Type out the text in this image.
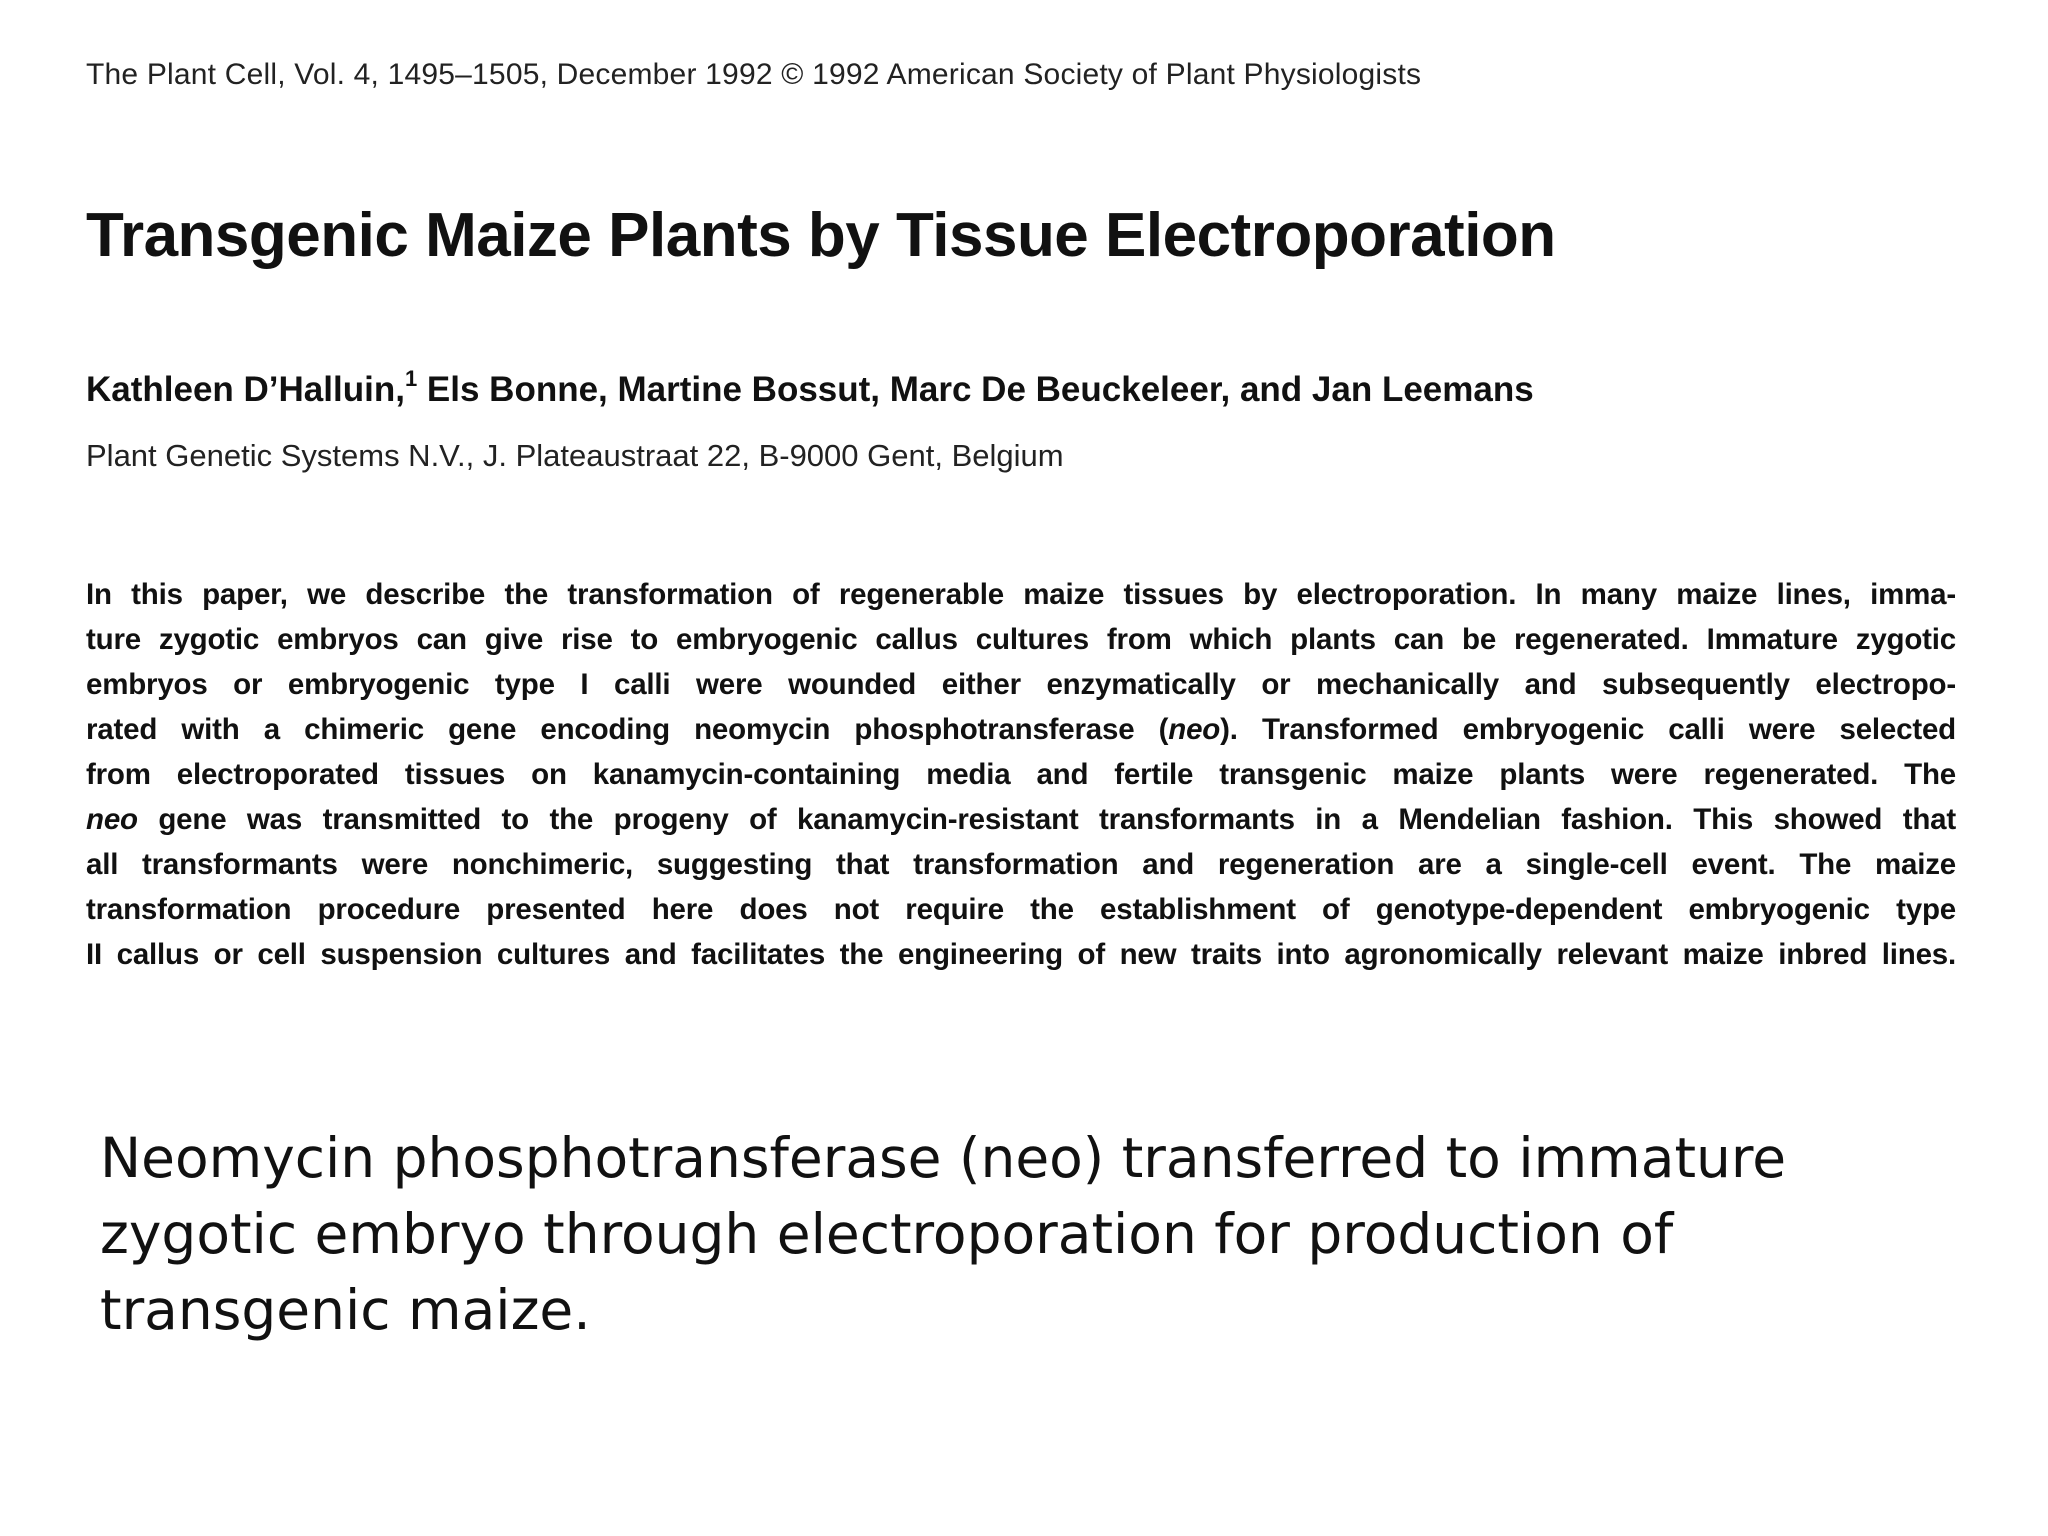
The Plant Cell, Vol. 4, 1495–1505, December 1992 © 1992 American Society of Plant Physiologists
Transgenic Maize Plants by Tissue Electroporation
Kathleen D’Halluin,$^1$ Els Bonne, Martine Bossut, Marc De Beuckeleer, and Jan Leemans
Plant Genetic Systems N.V., J. Plateaustraat 22, B-9000 Gent, Belgium
In this paper, we describe the transformation of regenerable maize tissues by electroporation. In many maize lines, imma-
ture zygotic embryos can give rise to embryogenic callus cultures from which plants can be regenerated. Immature zygotic
embryos or embryogenic type I calli were wounded either enzymatically or mechanically and subsequently electropo-
rated with a chimeric gene encoding neomycin phosphotransferase (neo). Transformed embryogenic calli were selected
from electroporated tissues on kanamycin-containing media and fertile transgenic maize plants were regenerated. The
neo gene was transmitted to the progeny of kanamycin-resistant transformants in a Mendelian fashion. This showed that
all transformants were nonchimeric, suggesting that transformation and regeneration are a single-cell event. The maize
transformation procedure presented here does not require the establishment of genotype-dependent embryogenic type
II callus or cell suspension cultures and facilitates the engineering of new traits into agronomically relevant maize inbred lines.
Neomycin phosphotransferase (neo) transferred to immature zygotic embryo through electroporation for production of transgenic maize.
